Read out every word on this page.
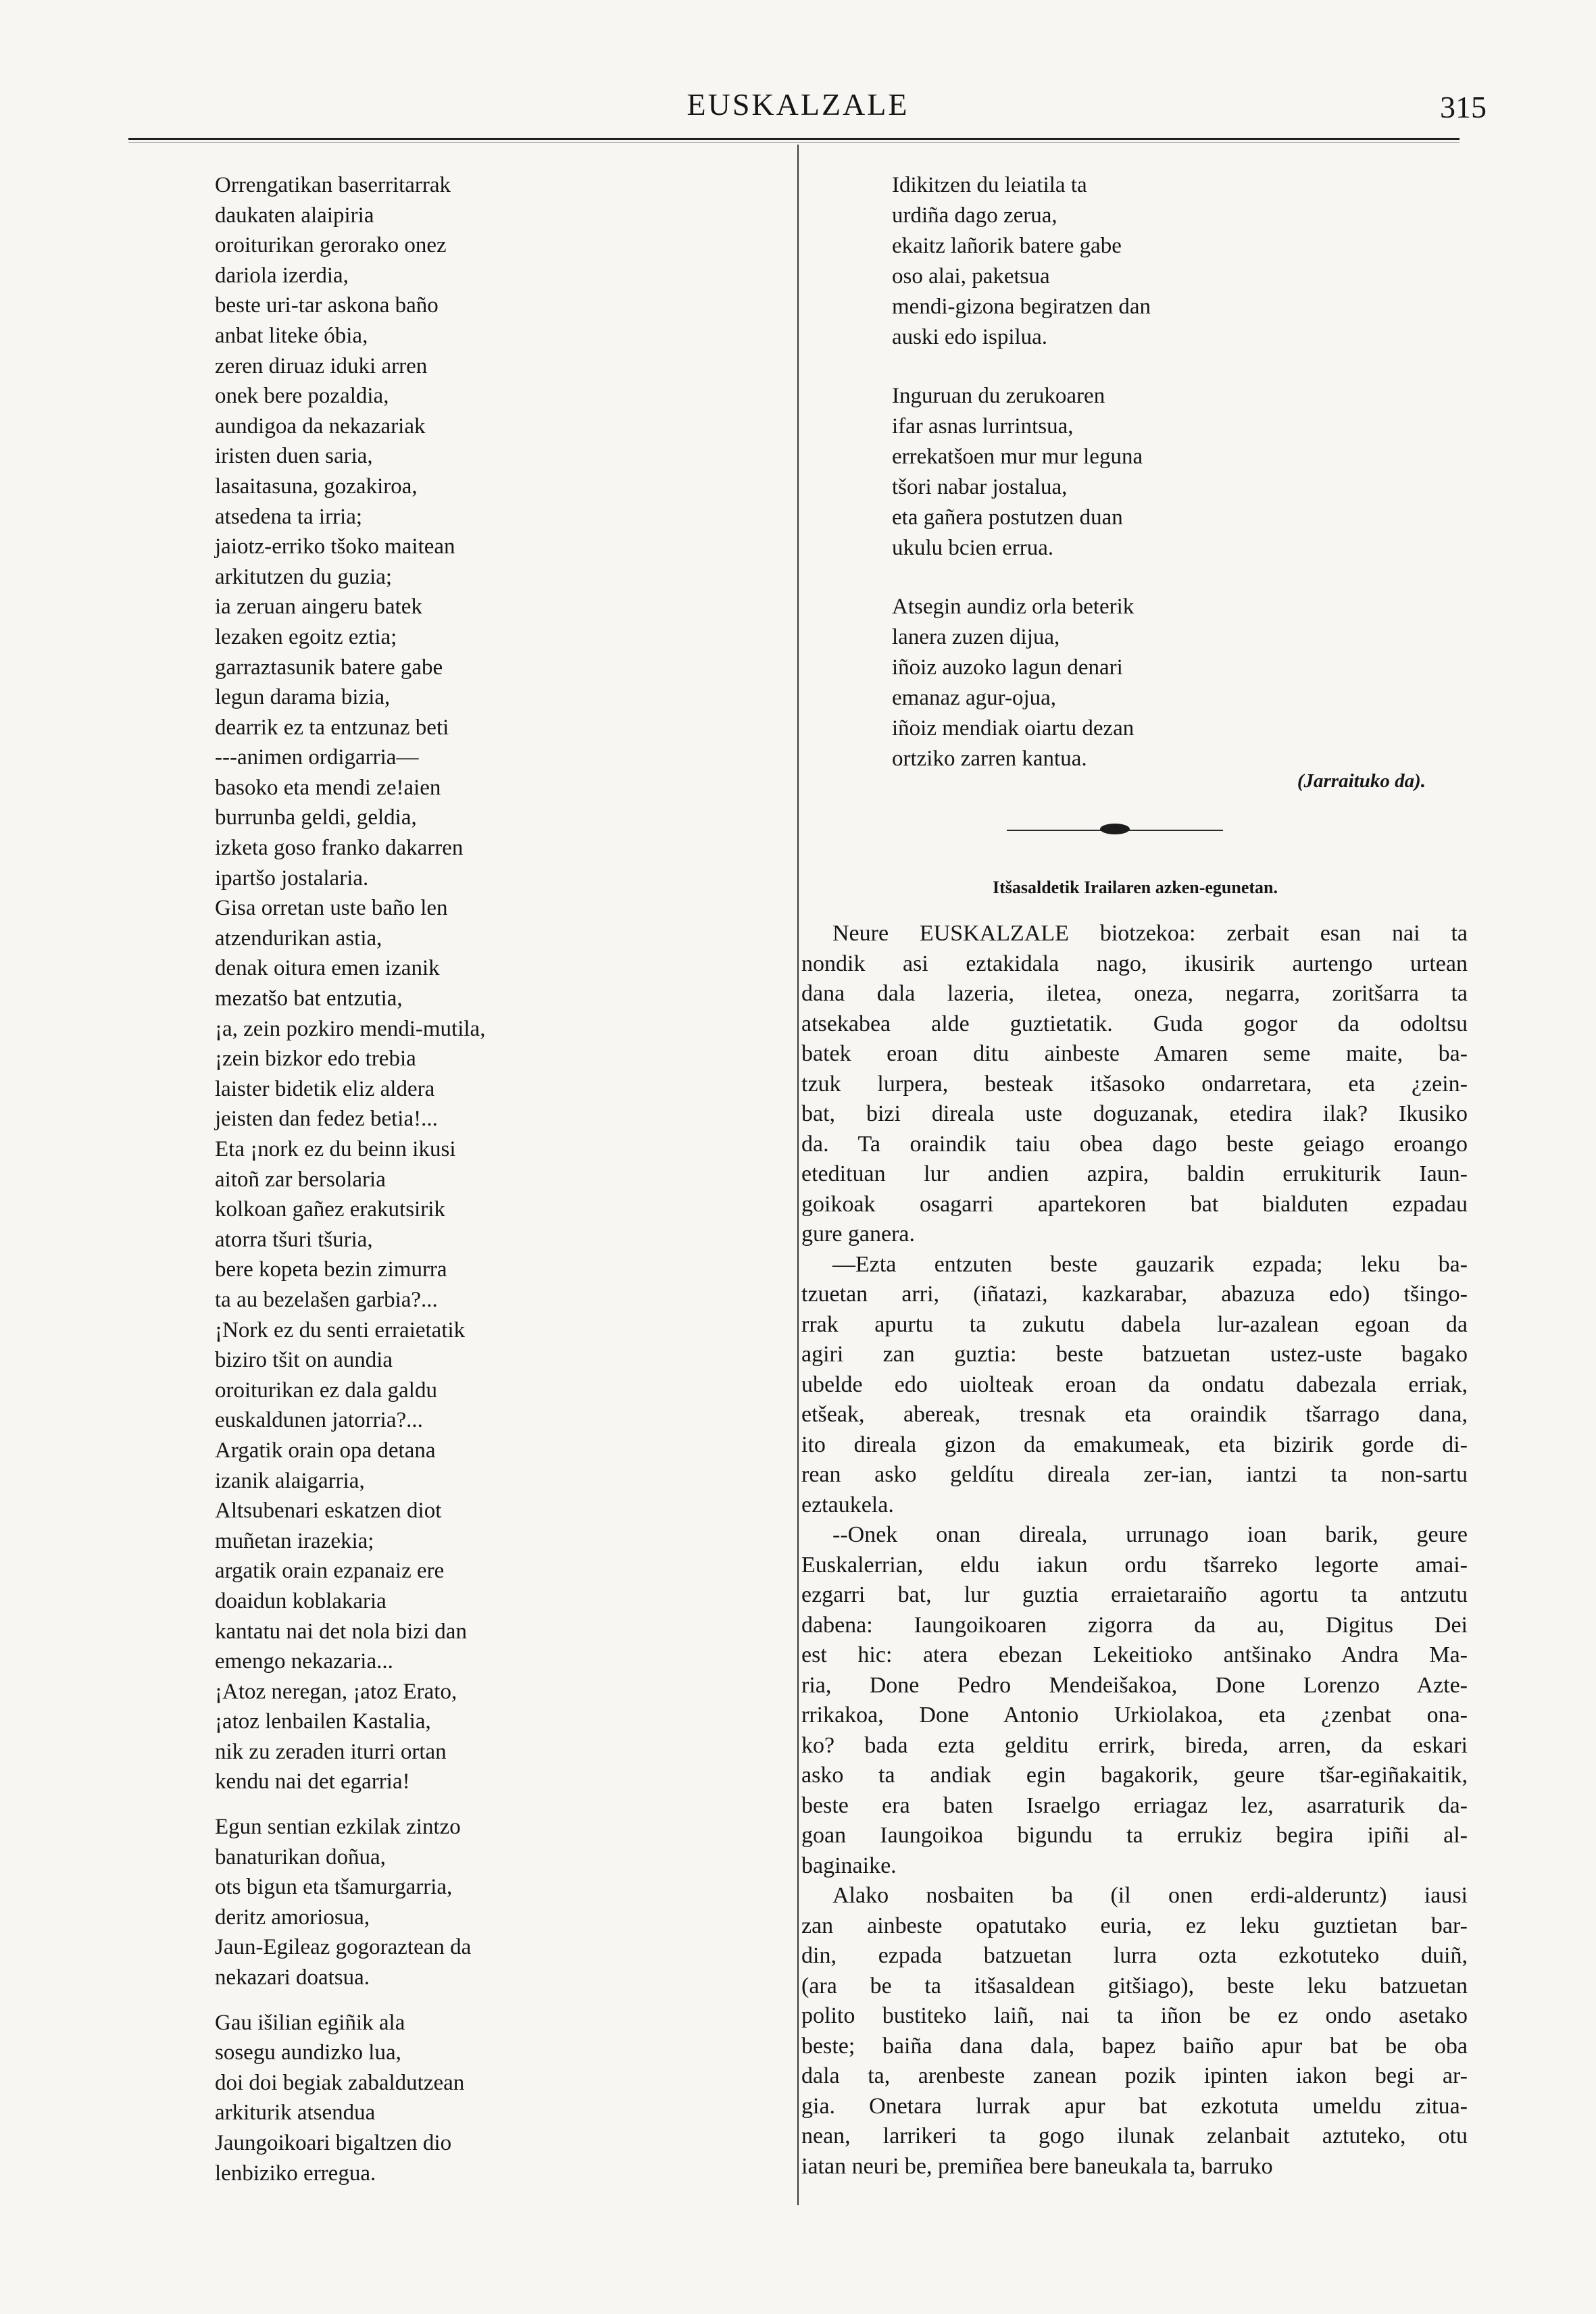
EUSKALZALE	315
Orrengatikan baserritarrak
daukaten alaipiria
oroiturikan gerorako onez
dariola izerdia,
beste uri-tar askona baño
anbat liteke óbia,
zeren diruaz iduki arren
onek bere pozaldia,
aundigoa da nekazariak
iristen duen saria,
lasaitasuna, gozakiroa,
atsedena ta irria;
jaiotz-erriko tšoko maitean
arkitutzen du guzia;
ia zeruan aingeru batek
lezaken egoitz eztia;
garraztasunik batere gabe
legun darama bizia,
dearrik ez ta entzunaz beti
---animen ordigarria—
basoko eta mendi ze!aien
burrunba geldi, geldia,
izketa goso franko dakarren
ipartšo jostalaria.
Gisa orretan uste baño len
atzendurikan astia,
denak oitura emen izanik
mezatšo bat entzutia,
¡a, zein pozkiro mendi-mutila,
¡zein bizkor edo trebia
laister bidetik eliz aldera
jeisten dan fedez betia!...
Eta ¡nork ez du beinn ikusi
aitoñ zar bersolaria
kolkoan gañez erakutsirik
atorra tšuri tšuria,
bere kopeta bezin zimurra
ta au bezelašen garbia?...
¡Nork ez du senti erraietatik
biziro tšit on aundia
oroiturikan ez dala galdu
euskaldunen jatorria?...
Argatik orain opa detana
izanik alaigarria,
Altsubenari eskatzen diot
muñetan irazekia;
argatik orain ezpanaiz ere
doaidun koblakaria
kantatu nai det nola bizi dan
emengo nekazaria...
¡Atoz neregan, ¡atoz Erato,
¡atoz lenbailen Kastalia,
nik zu zeraden iturri ortan
kendu nai det egarria!
Egun sentian ezkilak zintzo
banaturikan doñua,
ots bigun eta tšamurgarria,
deritz amoriosua,
Jaun-Egileaz gogoraztean da
nekazari doatsua.
Gau išilian egiñik ala
sosegu aundizko lua,
doi doi begiak zabaldutzean
arkiturik atsendua
Jaungoikoari bigaltzen dio
lenbiziko erregua.
Idikitzen du leiatila ta
urdiña dago zerua,
ekaitz lañorik batere gabe
oso alai, paketsua
mendi-gizona begiratzen dan
auski edo ispilua.
Inguruan du zerukoaren
ifar asnas lurrintsua,
errekatšoen mur mur leguna
tšori nabar jostalua,
eta gañera postutzen duan
ukulu bcien errua.
Atsegin aundiz orla beterik
lanera zuzen dijua,
iñoiz auzoko lagun denari
emanaz agur-ojua,
iñoiz mendiak oiartu dezan
ortziko zarren kantua.
(Jarraituko da).
Itšasaldetik Irailaren azken-egunetan.
Neure EUSKALZALE biotzekoa: zerbait esan nai ta
nondik asi eztakidala nago, ikusirik aurtengo urtean
dana dala lazeria, iletea, oneza, negarra, zoritšarra ta
atsekabea alde guztietatik. Guda gogor da odoltsu
batek eroan ditu ainbeste Amaren seme maite, ba-
tzuk lurpera, besteak itšasoko ondarretara, eta ¿zein-
bat, bizi direala uste doguzanak, etedira ilak? Ikusiko
da. Ta oraindik taiu obea dago beste geiago eroango
etedituan lur andien azpira, baldin errukiturik Iaun-
goikoak osagarri apartekoren bat bialduten ezpadau
gure ganera.
—Ezta entzuten beste gauzarik ezpada; leku ba-
tzuetan arri, (iñatazi, kazkarabar, abazuza edo) tšingo-
rrak apurtu ta zukutu dabela lur-azalean egoan da
agiri zan guztia: beste batzuetan ustez-uste bagako
ubelde edo uiolteak eroan da ondatu dabezala erriak,
etšeak, abereak, tresnak eta oraindik tšarrago dana,
ito direala gizon da emakumeak, eta bizirik gorde di-
rean asko geldítu direala zer-ian, iantzi ta non-sartu
eztaukela.
--Onek onan direala, urrunago ioan barik, geure
Euskalerrian, eldu iakun ordu tšarreko legorte amai-
ezgarri bat, lur guztia erraietaraiño agortu ta antzutu
dabena: Iaungoikoaren zigorra da au, Digitus Dei
est hic: atera ebezan Lekeitioko antšinako Andra Ma-
ria, Done Pedro Mendeišakoa, Done Lorenzo Azte-
rrikakoa, Done Antonio Urkiolakoa, eta ¿zenbat ona-
ko? bada ezta gelditu errirk, bireda, arren, da eskari
asko ta andiak egin bagakorik, geure tšar-egiñakaitik,
beste era baten Israelgo erriagaz lez, asarraturik da-
goan Iaungoikoa bigundu ta errukiz begira ipiñi al-
baginaike.
Alako nosbaiten ba (il onen erdi-alderuntz) iausi
zan ainbeste opatutako euria, ez leku guztietan bar-
din, ezpada batzuetan lurra ozta ezkotuteko duiñ,
(ara be ta itšasaldean gitšiago), beste leku batzuetan
polito bustiteko laiñ, nai ta iñon be ez ondo asetako
beste; baiña dana dala, bapez baiño apur bat be oba
dala ta, arenbeste zanean pozik ipinten iakon begi ar-
gia. Onetara lurrak apur bat ezkotuta umeldu zitua-
nean, larrikeri ta gogo ilunak zelanbait aztuteko, otu
iatan neuri be, premiñea bere baneukala ta, barruko
